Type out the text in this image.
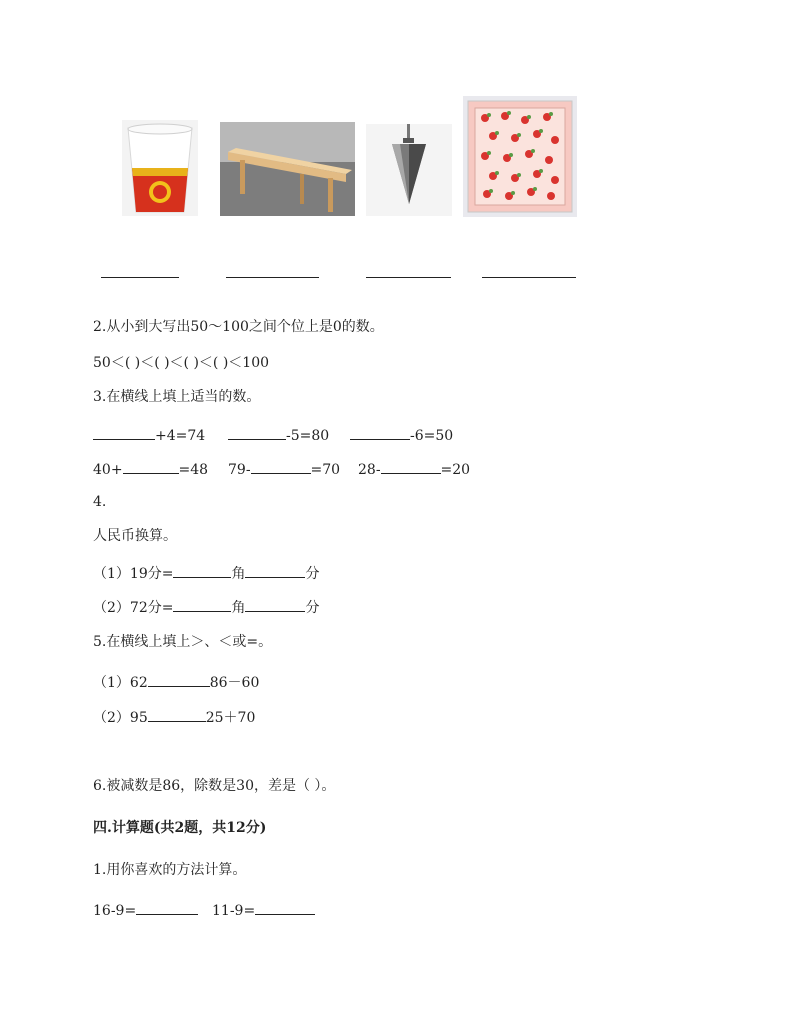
2.从小到大写出50～100之间个位上是0的数。
50＜( )＜( )＜( )＜( )＜100
3.在横线上填上适当的数。
+4=74	-5=80	-6=50
40+	=48 79-	=70 28-	=20
4.
人民币换算。
（1）19分=	角	分
（2）72分=	角	分
5.在横线上填上＞、＜或=。
（1）62	86－60
（2）95	25＋70
6.被减数是86，除数是30，差是（ ）。
四.计算题(共2题，共12分)
1.用你喜欢的方法计算。
16-9=	11-9=
